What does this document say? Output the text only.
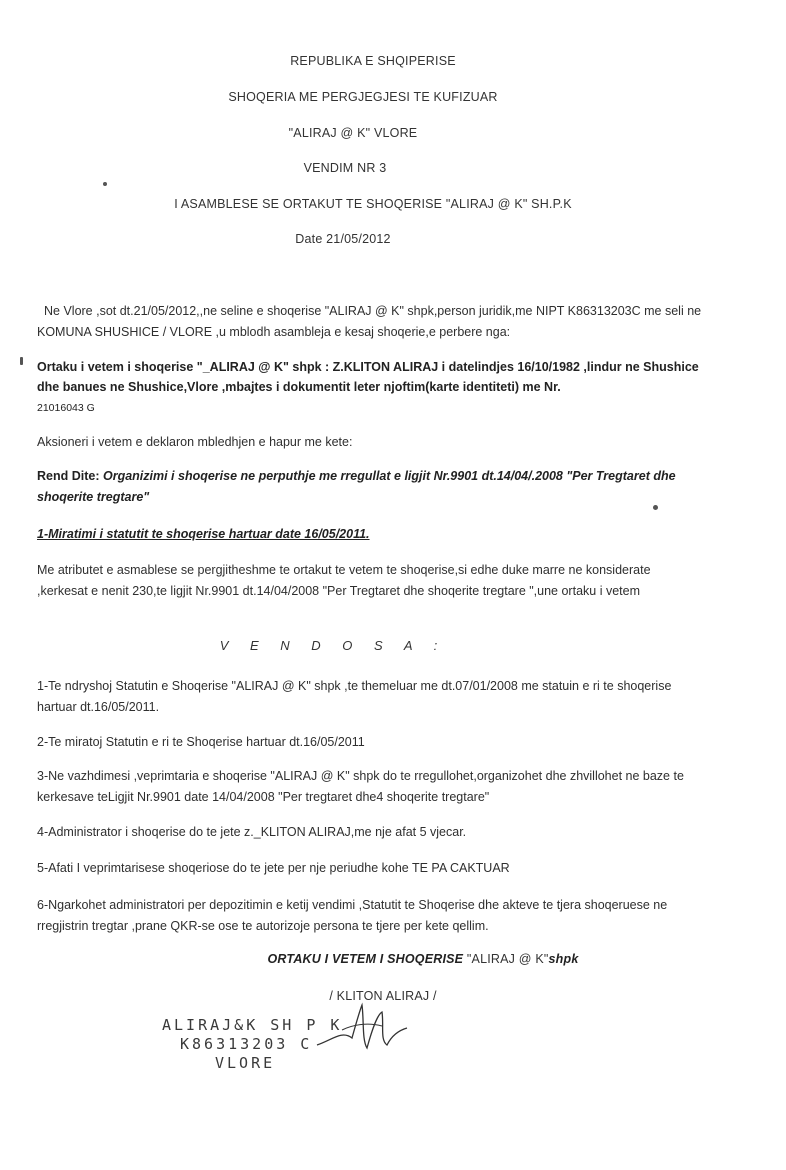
REPUBLIKA E SHQIPERISE
SHOQERIA ME PERGJEGJESI TE KUFIZUAR
"ALIRAJ @ K" VLORE
VENDIM NR 3
I ASAMBLESE SE ORTAKUT TE SHOQERISE "ALIRAJ @ K" SH.P.K
Date 21/05/2012
Ne Vlore ,sot dt.21/05/2012,,ne seline e shoqerise "ALIRAJ @ K" shpk,person juridik,me NIPT K86313203C me seli ne KOMUNA SHUSHICE / VLORE ,u mblodh asambleja e kesaj shoqerie,e perbere nga:
Ortaku i vetem i shoqerise "_ALIRAJ @ K" shpk : Z.KLITON ALIRAJ i datelindjes 16/10/1982 ,lindur ne Shushice dhe banues ne Shushice,Vlore ,mbajtes i dokumentit leter njoftim(karte identiteti) me Nr.
21016043 G
Aksioneri i vetem e deklaron mbledhjen e hapur me kete:
Rend Dite: Organizimi i shoqerise ne perputhje me rregullat e ligjit Nr.9901 dt.14/04/.2008 "Per Tregtaret dhe shoqerite tregtare"
1-Miratimi i statutit te shoqerise hartuar date 16/05/2011.
Me atributet e asmablese se pergjitheshme te ortakut te vetem te shoqerise,si edhe duke marre ne konsiderate ,kerkesat e nenit 230,te ligjit Nr.9901 dt.14/04/2008 "Per Tregtaret dhe shoqerite tregtare ",une ortaku i vetem
V E N D O S A :
1-Te ndryshoj Statutin e Shoqerise "ALIRAJ @ K" shpk ,te themeluar me dt.07/01/2008 me statuin e ri te shoqerise hartuar dt.16/05/2011.
2-Te miratoj Statutin e ri te Shoqerise hartuar dt.16/05/2011
3-Ne vazhdimesi ,veprimtaria e shoqerise "ALIRAJ @ K" shpk do te rregullohet,organizohet dhe zhvillohet ne baze te kerkesave teLigjit Nr.9901 date 14/04/2008 "Per tregtaret dhe4 shoqerite tregtare"
4-Administrator i shoqerise do te jete z._KLITON ALIRAJ,me nje afat 5 vjecar.
5-Afati I veprimtarisese shoqeriose do te jete per nje periudhe kohe TE PA CAKTUAR
6-Ngarkohet administratori per depozitimin e ketij vendimi ,Statutit te Shoqerise dhe akteve te tjera shoqeruese ne rregjistrin tregtar ,prane QKR-se ose te autorizoje persona te tjere per kete qellim.
ORTAKU I VETEM I SHOQERISE "ALIRAJ @ K"shpk
/ KLITON ALIRAJ /
ALIRAJ&K SH P K
K86313203 C
VLORE
